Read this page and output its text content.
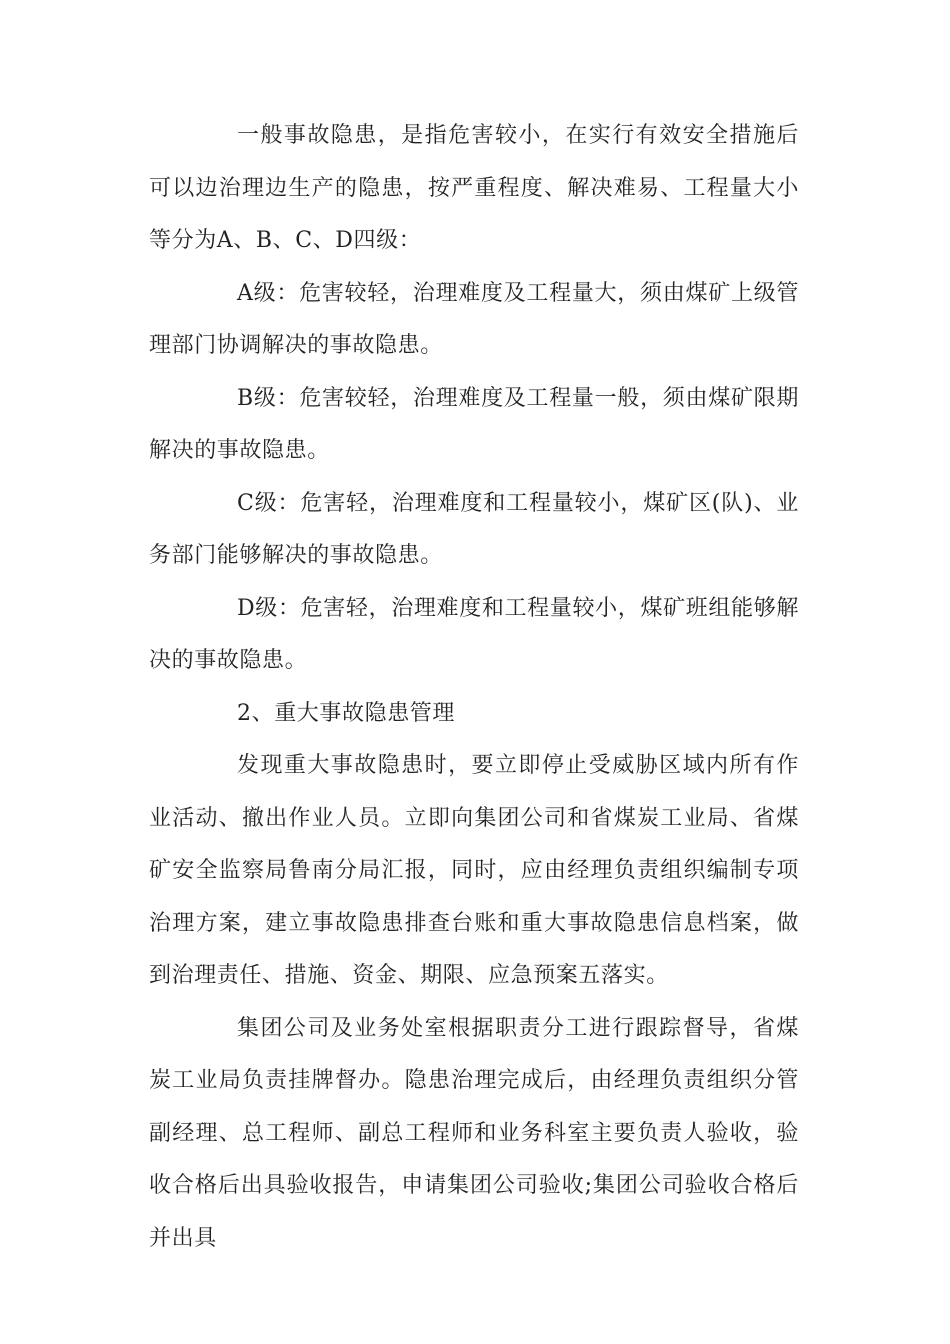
一般事故隐患，是指危害较小，在实行有效安全措施后可以边治理边生产的隐患，按严重程度、解决难易、工程量大小等分为A、B、C、D四级：

A级：危害较轻，治理难度及工程量大，须由煤矿上级管理部门协调解决的事故隐患。

B级：危害较轻，治理难度及工程量一般，须由煤矿限期解决的事故隐患。

C级：危害轻，治理难度和工程量较小，煤矿区(队)、业务部门能够解决的事故隐患。

D级：危害轻，治理难度和工程量较小，煤矿班组能够解决的事故隐患。

2、重大事故隐患管理

发现重大事故隐患时，要立即停止受威胁区域内所有作业活动、撤出作业人员。立即向集团公司和省煤炭工业局、省煤矿安全监察局鲁南分局汇报，同时，应由经理负责组织编制专项治理方案，建立事故隐患排查台账和重大事故隐患信息档案，做到治理责任、措施、资金、期限、应急预案五落实。

集团公司及业务处室根据职责分工进行跟踪督导，省煤炭工业局负责挂牌督办。隐患治理完成后，由经理负责组织分管副经理、总工程师、副总工程师和业务科室主要负责人验收，验收合格后出具验收报告，申请集团公司验收;集团公司验收合格后并出具
